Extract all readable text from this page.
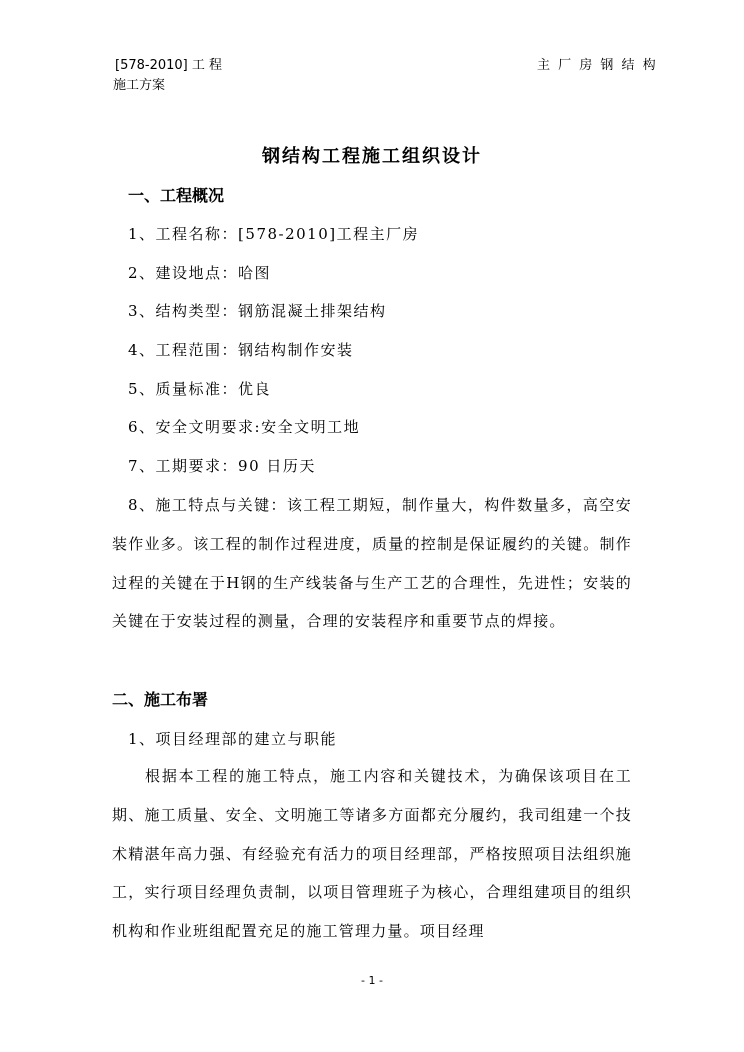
[578-2010] 工 程	主 厂 房 钢 结 构
施工方案
钢结构工程施工组织设计
一、工程概况
1、工程名称：[578-2010]工程主厂房
2、建设地点：哈图
3、结构类型：钢筋混凝土排架结构
4、工程范围：钢结构制作安装
5、质量标准：优良
6、安全文明要求:安全文明工地
7、工期要求：90 日历天

8、施工特点与关键：该工程工期短，制作量大，构件数量多，高空安装作业多。该工程的制作过程进度，质量的控制是保证履约的关键。制作过程的关键在于H钢的生产线装备与生产工艺的合理性，先进性；安装的关键在于安装过程的测量，合理的安装程序和重要节点的焊接。

二、施工布署
1、项目经理部的建立与职能

根据本工程的施工特点，施工内容和关键技术，为确保该项目在工期、施工质量、安全、文明施工等诸多方面都充分履约，我司组建一个技术精湛年高力强、有经验充有活力的项目经理部，严格按照项目法组织施工，实行项目经理负责制，以项目管理班子为核心，合理组建项目的组织机构和作业班组配置充足的施工管理力量。项目经理

- 1 -
